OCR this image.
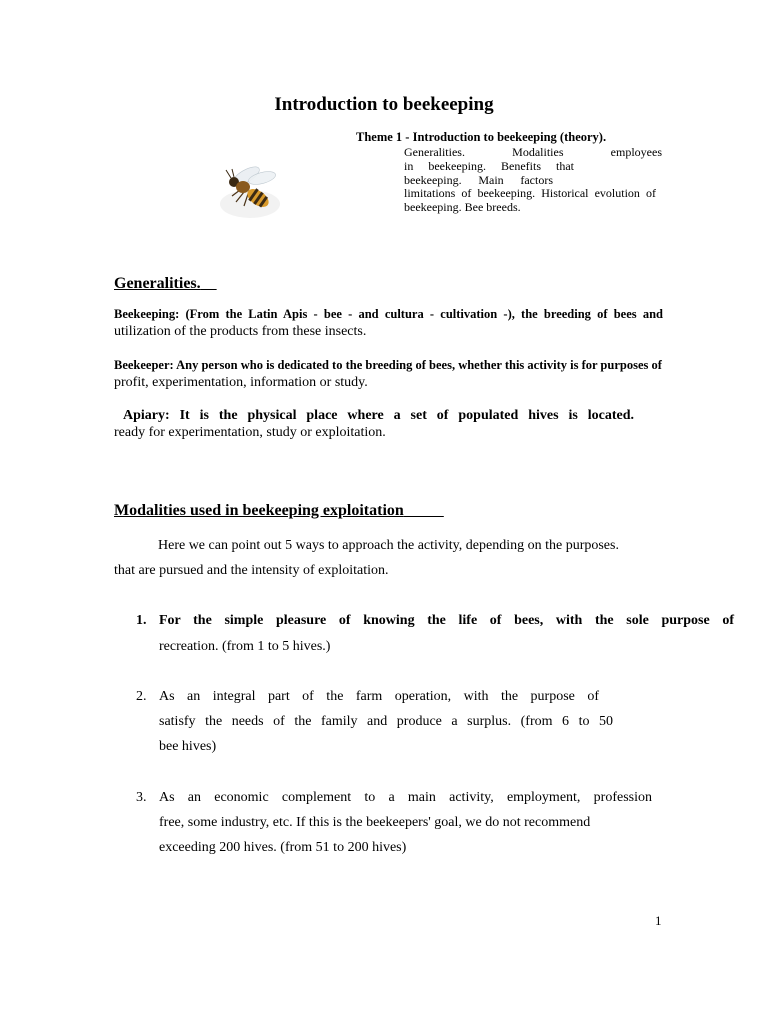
Introduction to beekeeping
Theme 1 - Introduction to beekeeping (theory).
Generalities. Modalities employees
in beekeeping. Benefits that
beekeeping. Main factors
limitations of beekeeping. Historical evolution of
beekeeping. Bee breeds.
Generalities.
Beekeeping: (From the Latin Apis - bee - and cultura - cultivation -), the breeding of bees and
utilization of the products from these insects.
Beekeeper: Any person who is dedicated to the breeding of bees, whether this activity is for purposes of
profit, experimentation, information or study.
Apiary: It is the physical place where a set of populated hives is located.
ready for experimentation, study or exploitation.
Modalities used in beekeeping exploitation
Here we can point out 5 ways to approach the activity, depending on the purposes.
that are pursued and the intensity of exploitation.
1. For the simple pleasure of knowing the life of bees, with the sole purpose of
recreation. (from 1 to 5 hives.)
2. As an integral part of the farm operation, with the purpose of
satisfy the needs of the family and produce a surplus. (from 6 to 50
bee hives)
3. As an economic complement to a main activity, employment, profession
free, some industry, etc. If this is the beekeepers' goal, we do not recommend
exceeding 200 hives. (from 51 to 200 hives)
1
